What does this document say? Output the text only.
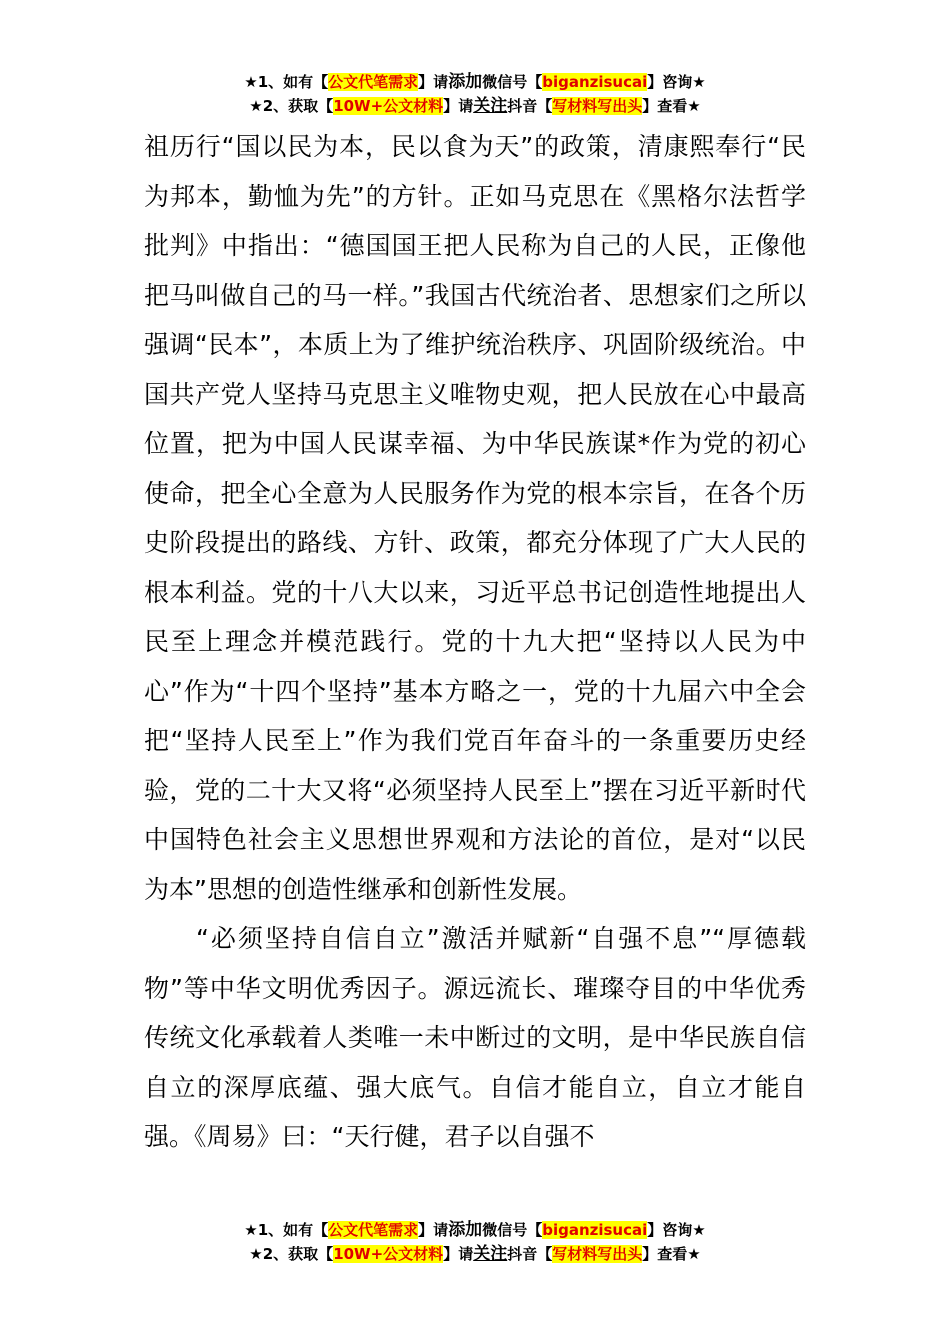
★1、如有【公文代笔需求】请添加微信号【biganzisucai】咨询★
★2、获取【10W+公文材料】请关注抖音【写材料写出头】查看★

祖历行“国以民为本，民以食为天”的政策，清康熙奉行“民为邦本，勤恤为先”的方针。正如马克思在《黑格尔法哲学批判》中指出：“德国国王把人民称为自己的人民，正像他把马叫做自己的马一样。”我国古代统治者、思想家们之所以强调“民本”，本质上为了维护统治秩序、巩固阶级统治。中国共产党人坚持马克思主义唯物史观，把人民放在心中最高位置，把为中国人民谋幸福、为中华民族谋*作为党的初心使命，把全心全意为人民服务作为党的根本宗旨，在各个历史阶段提出的路线、方针、政策，都充分体现了广大人民的根本利益。党的十八大以来，习近平总书记创造性地提出人民至上理念并模范践行。党的十九大把“坚持以人民为中心”作为“十四个坚持”基本方略之一，党的十九届六中全会把“坚持人民至上”作为我们党百年奋斗的一条重要历史经验，党的二十大又将“必须坚持人民至上”摆在习近平新时代中国特色社会主义思想世界观和方法论的首位，是对“以民为本”思想的创造性继承和创新性发展。

“必须坚持自信自立”激活并赋新“自强不息”“厚德载物”等中华文明优秀因子。源远流长、璀璨夺目的中华优秀传统文化承载着人类唯一未中断过的文明，是中华民族自信自立的深厚底蕴、强大底气。自信才能自立，自立才能自强。《周易》曰：“天行健，君子以自强不

★1、如有【公文代笔需求】请添加微信号【biganzisucai】咨询★
★2、获取【10W+公文材料】请关注抖音【写材料写出头】查看★
